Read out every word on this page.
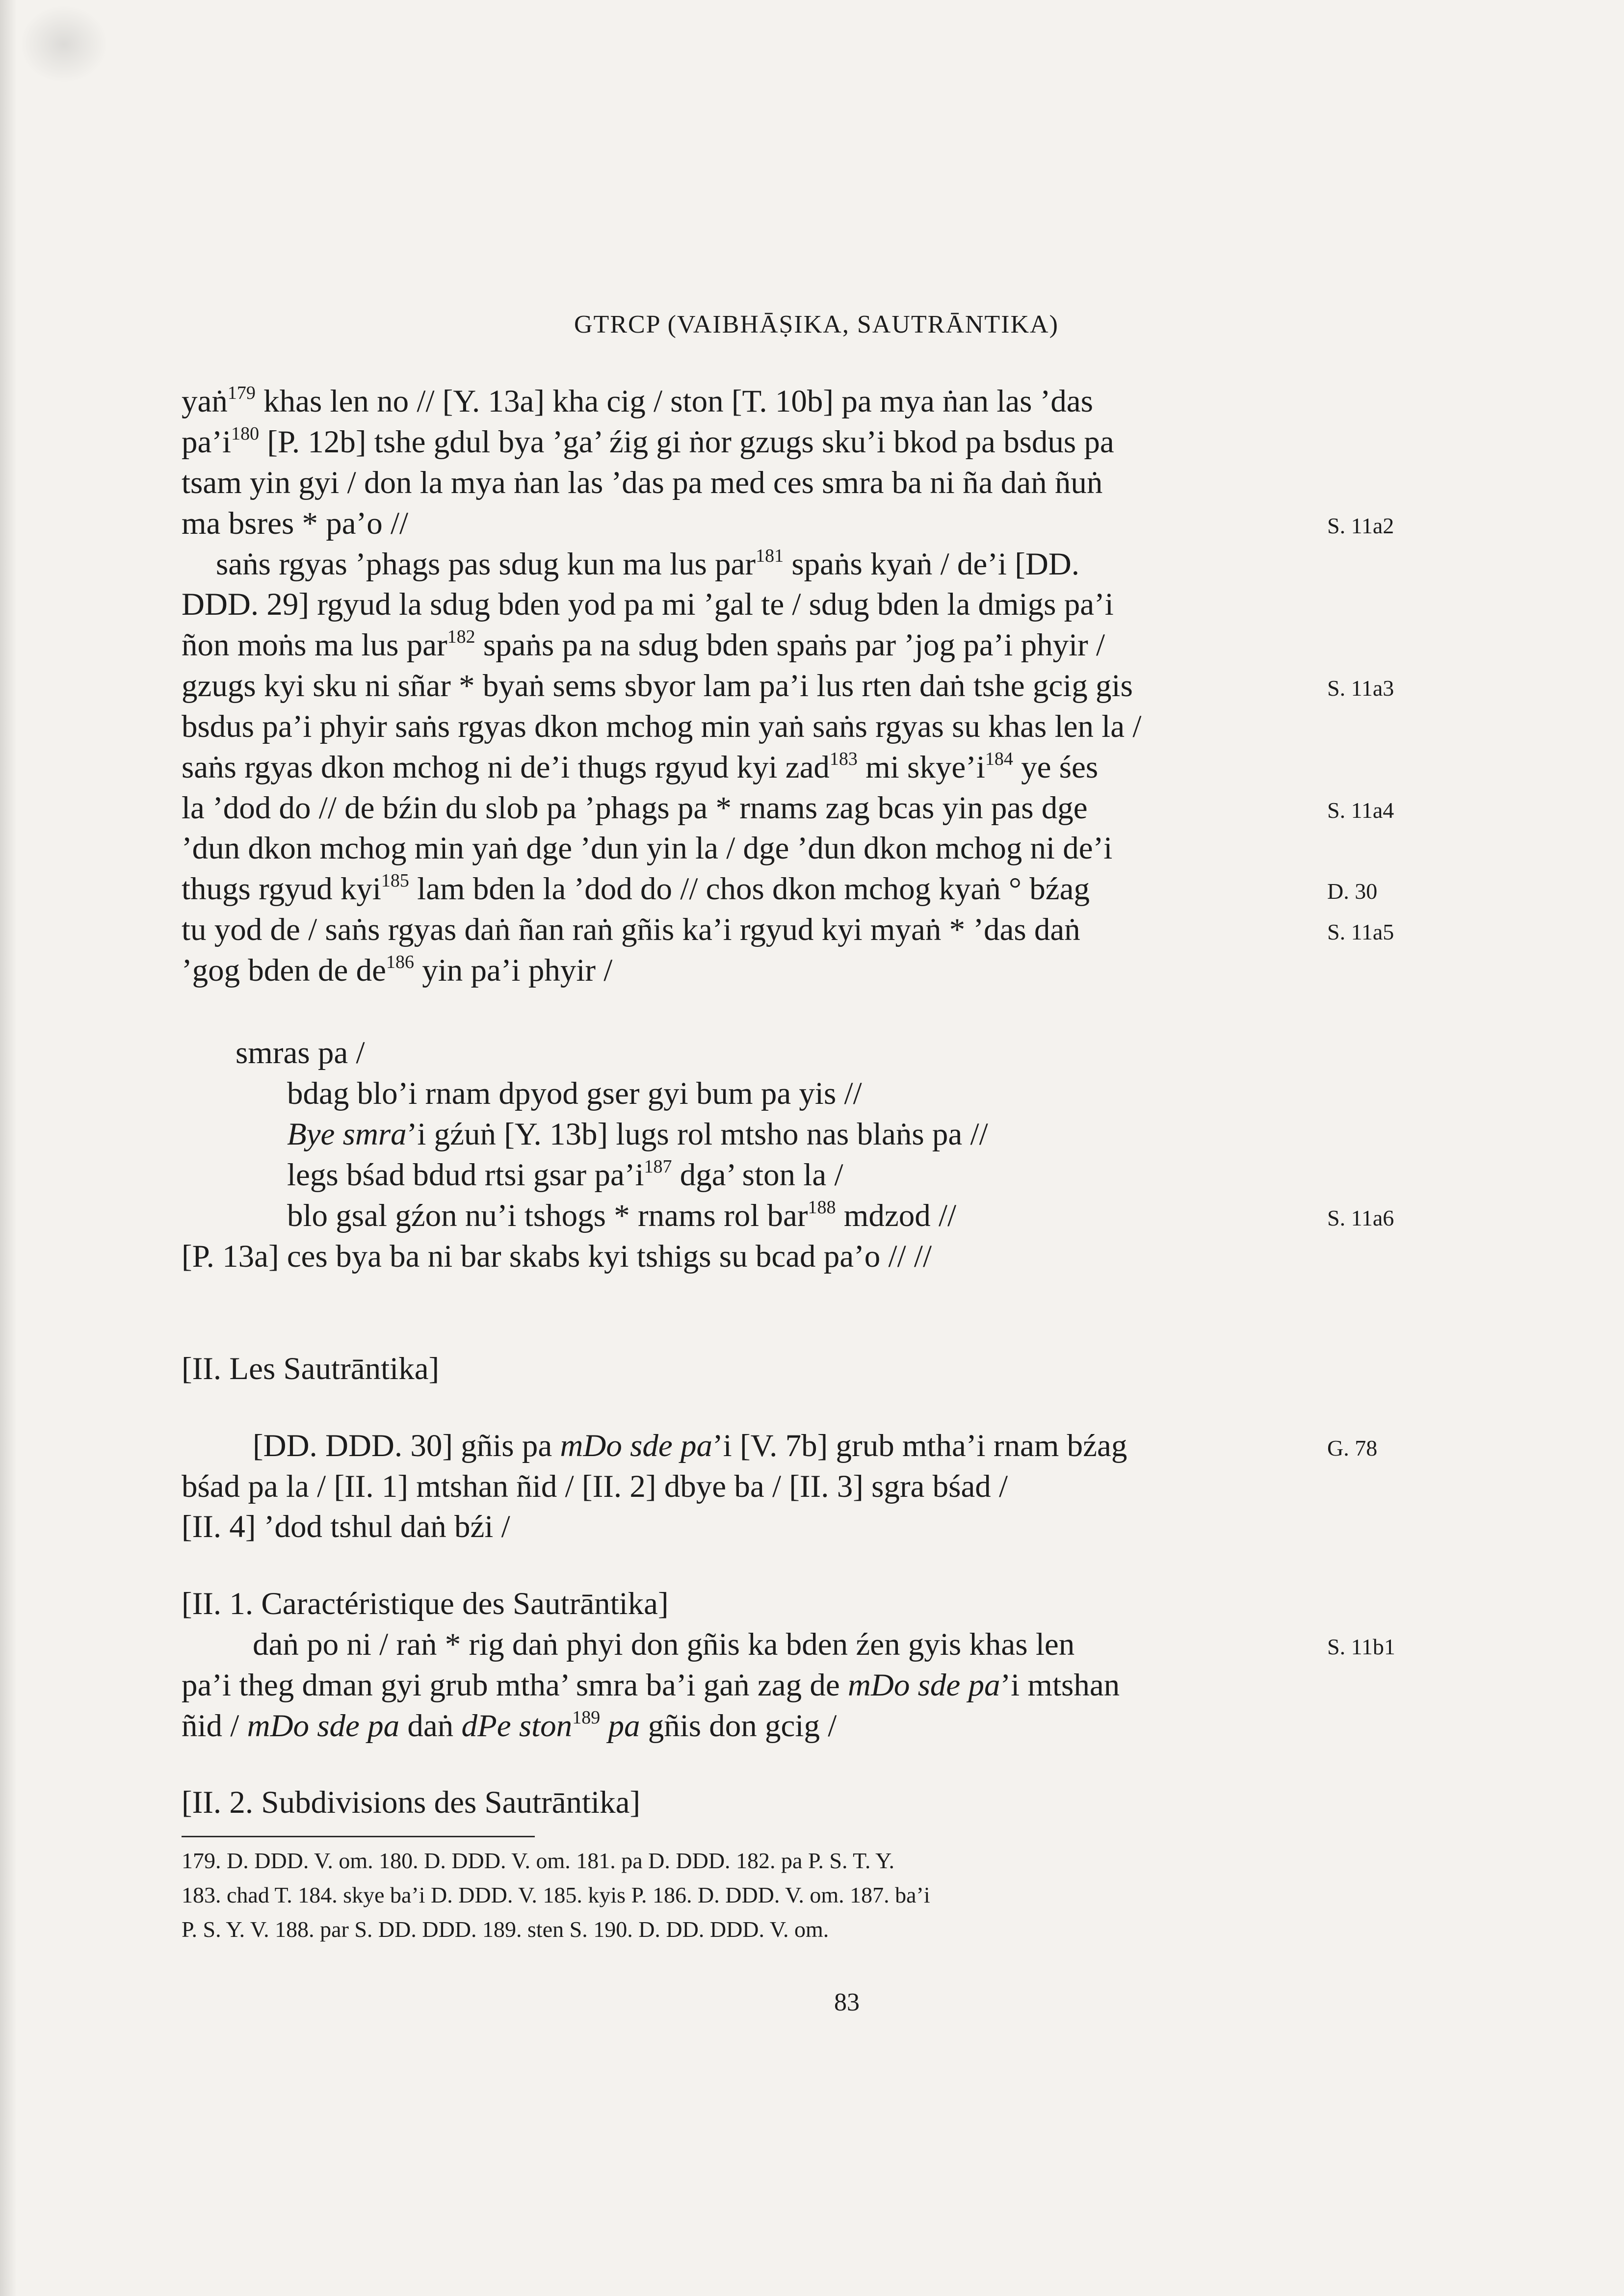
GTRCP (VAIBHĀṢIKA, SAUTRĀNTIKA)
yaṅ$^{179}$ khas len no // [Y. 13a] kha cig / ston [T. 10b] pa mya ṅan las ’das
$pa’i^{180}$ [P. 12b] tshe gdul bya ’ga’ źig gi ṅor gzugs sku’i bkod pa bsdus pa
tsam yin gyi / don la mya ṅan las ’das pa med ces smra ba ni ña daṅ ñuṅ
ma bsres * pa’o //
saṅs rgyas ’phags pas sdug kun ma lus par$^{181}$ spaṅs kyaṅ / de’i [DD.
DDD. 29] rgyud la sdug bden yod pa mi ’gal te / sdug bden la dmigs pa’i
ñon moṅs ma lus par$^{182}$ spaṅs pa na sdug bden spaṅs par ’jog pa’i phyir /
gzugs kyi sku ni sñar * byaṅ sems sbyor lam pa’i lus rten daṅ tshe gcig gis
bsdus pa’i phyir saṅs rgyas dkon mchog min yaṅ saṅs rgyas su khas len la /
saṅs rgyas dkon mchog ni de’i thugs rgyud kyi zad$^{183}$ mi $skye’i^{184}$ ye śes
la ’dod do // de bźin du slob pa ’phags pa * rnams zag bcas yin pas dge
’dun dkon mchog min yaṅ dge ’dun yin la / dge ’dun dkon mchog ni de’i
thugs rgyud kyi$^{185}$ lam bden la ’dod do // chos dkon mchog kyaṅ ° bźag
tu yod de / saṅs rgyas daṅ ñan raṅ gñis ka’i rgyud kyi myaṅ * ’das daṅ
’gog bden de $de^{186}$ yin pa’i phyir /
smras pa /
bdag blo’i rnam dpyod gser gyi bum pa yis //
Bye smra’i gźuṅ [Y. 13b] lugs rol mtsho nas blaṅs pa //
legs bśad bdud rtsi gsar $pa’i^{187}$ dga’ ston la /
blo gsal gźon nu’i tshogs * rnams rol bar$^{188}$ mdzod //
[P. 13a] ces bya ba ni bar skabs kyi tshigs su bcad pa’o // //
[II. Les Sautrāntika]
[DD. DDD. 30] gñis pa mDo sde pa’i [V. 7b] grub mtha’i rnam bźag
bśad pa la / [II. 1] mtshan ñid / [II. 2] dbye ba / [II. 3] sgra bśad /
[II. 4] ’dod tshul daṅ bźi /
[II. 1. Caractéristique des Sautrāntika]
daṅ po ni / raṅ * rig daṅ phyi don gñis ka bden źen gyis khas len
pa’i theg dman gyi grub mtha’ smra ba’i gaṅ zag de mDo sde pa’i mtshan
ñid / mDo sde pa daṅ dPe ston$^{189}$ pa gñis don gcig /
[II. 2. Subdivisions des Sautrāntika]
S. 11a2
S. 11a3
S. 11a4
D. 30
S. 11a5
S. 11a6
G. 78
S. 11b1
179. D. DDD. V. om. 180. D. DDD. V. om. 181. pa D. DDD. 182. pa P. S. T. Y.
183. chad T. 184. skye ba’i D. DDD. V. 185. kyis P. 186. D. DDD. V. om. 187. ba’i
P. S. Y. V. 188. par S. DD. DDD. 189. sten S. 190. D. DD. DDD. V. om.
83
